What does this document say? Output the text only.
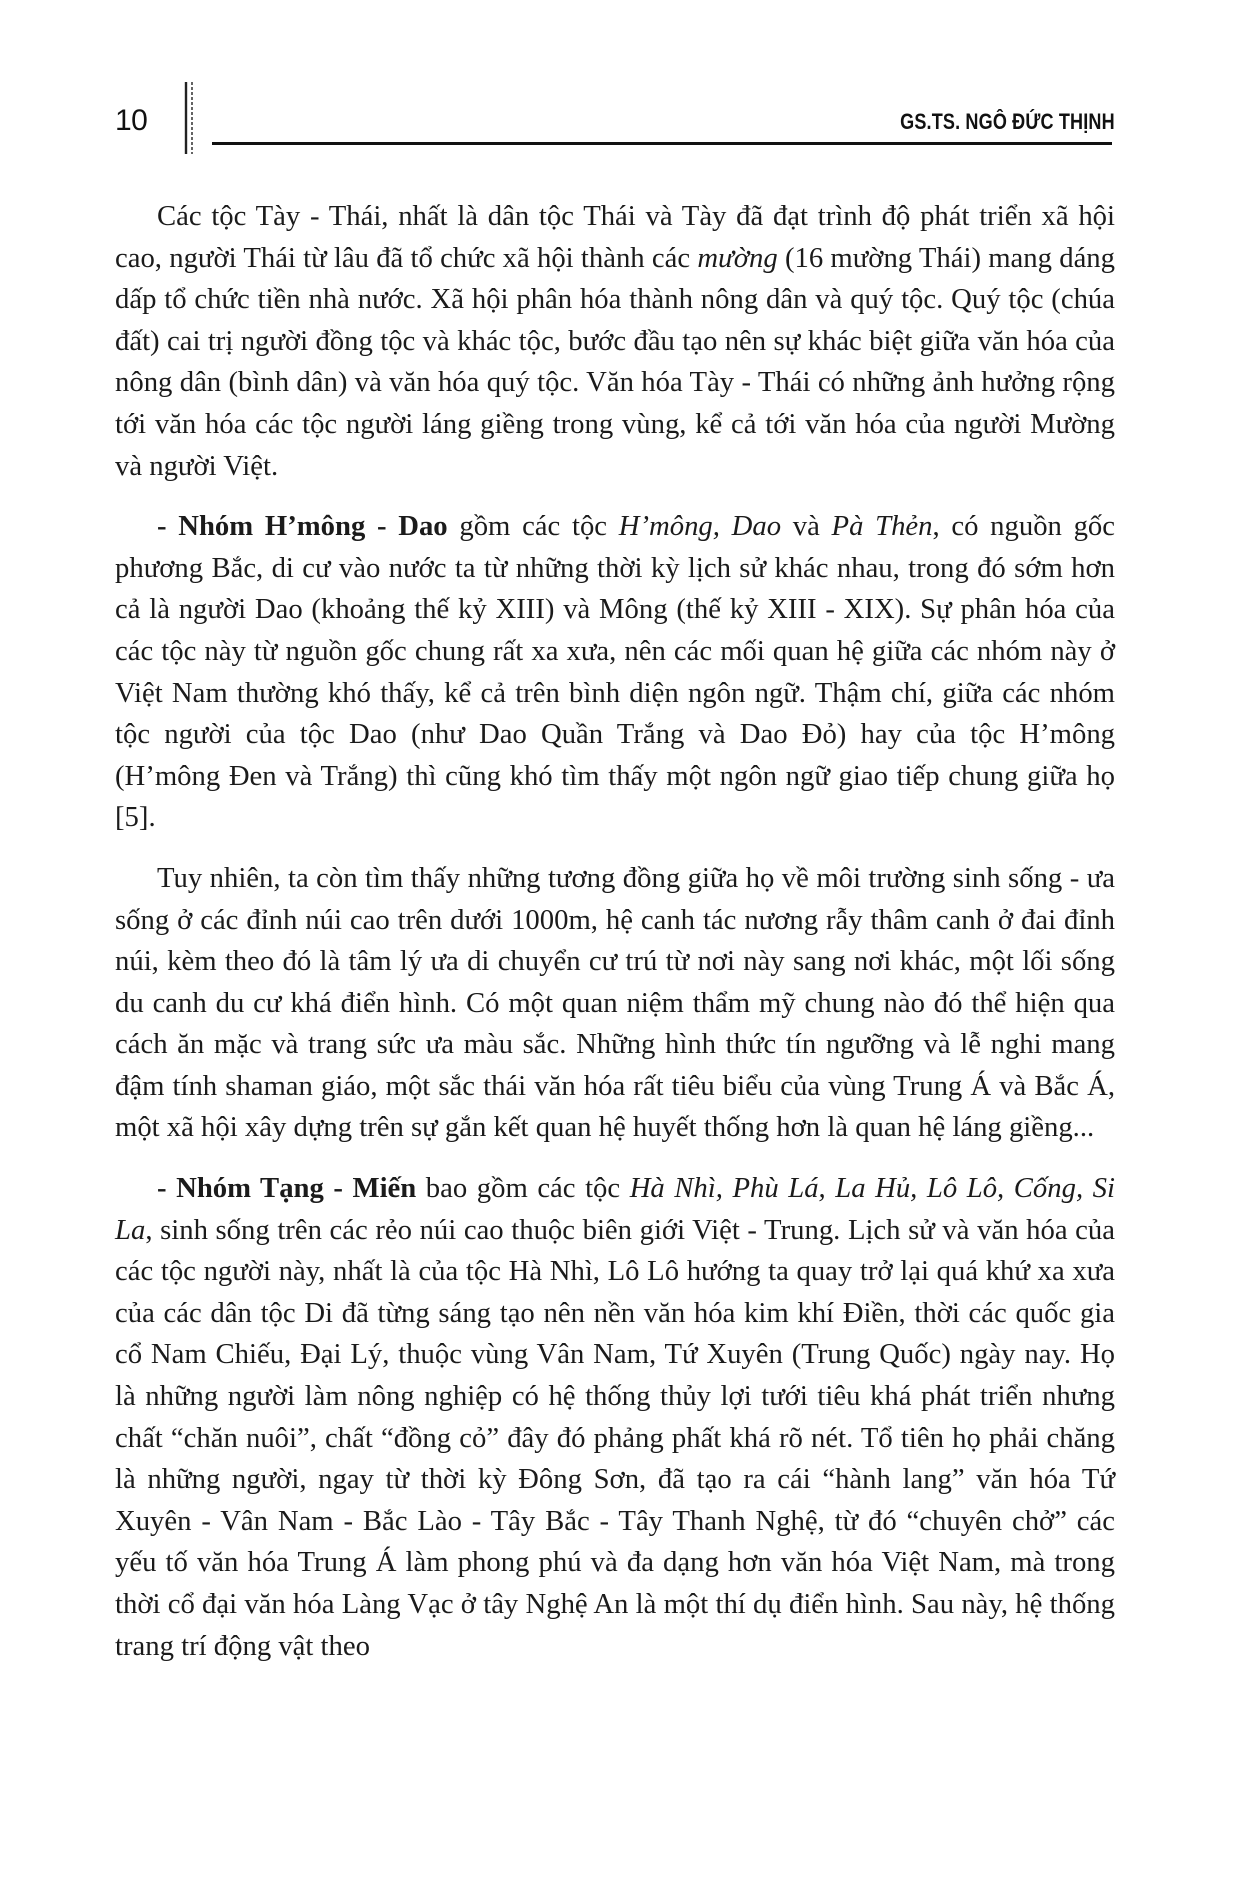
10	GS.TS. NGÔ ĐỨC THỊNH

Các tộc Tày - Thái, nhất là dân tộc Thái và Tày đã đạt trình độ phát triển xã hội cao, người Thái từ lâu đã tổ chức xã hội thành các mường (16 mường Thái) mang dáng dấp tổ chức tiền nhà nước. Xã hội phân hóa thành nông dân và quý tộc. Quý tộc (chúa đất) cai trị người đồng tộc và khác tộc, bước đầu tạo nên sự khác biệt giữa văn hóa của nông dân (bình dân) và văn hóa quý tộc. Văn hóa Tày - Thái có những ảnh hưởng rộng tới văn hóa các tộc người láng giềng trong vùng, kể cả tới văn hóa của người Mường và người Việt.

- Nhóm H’mông - Dao gồm các tộc H’mông, Dao và Pà Thẻn, có nguồn gốc phương Bắc, di cư vào nước ta từ những thời kỳ lịch sử khác nhau, trong đó sớm hơn cả là người Dao (khoảng thế kỷ XIII) và Mông (thế kỷ XIII - XIX). Sự phân hóa của các tộc này từ nguồn gốc chung rất xa xưa, nên các mối quan hệ giữa các nhóm này ở Việt Nam thường khó thấy, kể cả trên bình diện ngôn ngữ. Thậm chí, giữa các nhóm tộc người của tộc Dao (như Dao Quần Trắng và Dao Đỏ) hay của tộc H’mông (H’mông Đen và Trắng) thì cũng khó tìm thấy một ngôn ngữ giao tiếp chung giữa họ [5].

Tuy nhiên, ta còn tìm thấy những tương đồng giữa họ về môi trường sinh sống - ưa sống ở các đỉnh núi cao trên dưới 1000m, hệ canh tác nương rẫy thâm canh ở đai đỉnh núi, kèm theo đó là tâm lý ưa di chuyển cư trú từ nơi này sang nơi khác, một lối sống du canh du cư khá điển hình. Có một quan niệm thẩm mỹ chung nào đó thể hiện qua cách ăn mặc và trang sức ưa màu sắc. Những hình thức tín ngưỡng và lễ nghi mang đậm tính shaman giáo, một sắc thái văn hóa rất tiêu biểu của vùng Trung Á và Bắc Á, một xã hội xây dựng trên sự gắn kết quan hệ huyết thống hơn là quan hệ láng giềng...

- Nhóm Tạng - Miến bao gồm các tộc Hà Nhì, Phù Lá, La Hủ, Lô Lô, Cống, Si La, sinh sống trên các rẻo núi cao thuộc biên giới Việt - Trung. Lịch sử và văn hóa của các tộc người này, nhất là của tộc Hà Nhì, Lô Lô hướng ta quay trở lại quá khứ xa xưa của các dân tộc Di đã từng sáng tạo nên nền văn hóa kim khí Điền, thời các quốc gia cổ Nam Chiếu, Đại Lý, thuộc vùng Vân Nam, Tứ Xuyên (Trung Quốc) ngày nay. Họ là những người làm nông nghiệp có hệ thống thủy lợi tưới tiêu khá phát triển nhưng chất “chăn nuôi”, chất “đồng cỏ” đây đó phảng phất khá rõ nét. Tổ tiên họ phải chăng là những người, ngay từ thời kỳ Đông Sơn, đã tạo ra cái “hành lang” văn hóa Tứ Xuyên - Vân Nam - Bắc Lào - Tây Bắc - Tây Thanh Nghệ, từ đó “chuyên chở” các yếu tố văn hóa Trung Á làm phong phú và đa dạng hơn văn hóa Việt Nam, mà trong thời cổ đại văn hóa Làng Vạc ở tây Nghệ An là một thí dụ điển hình. Sau này, hệ thống trang trí động vật theo
